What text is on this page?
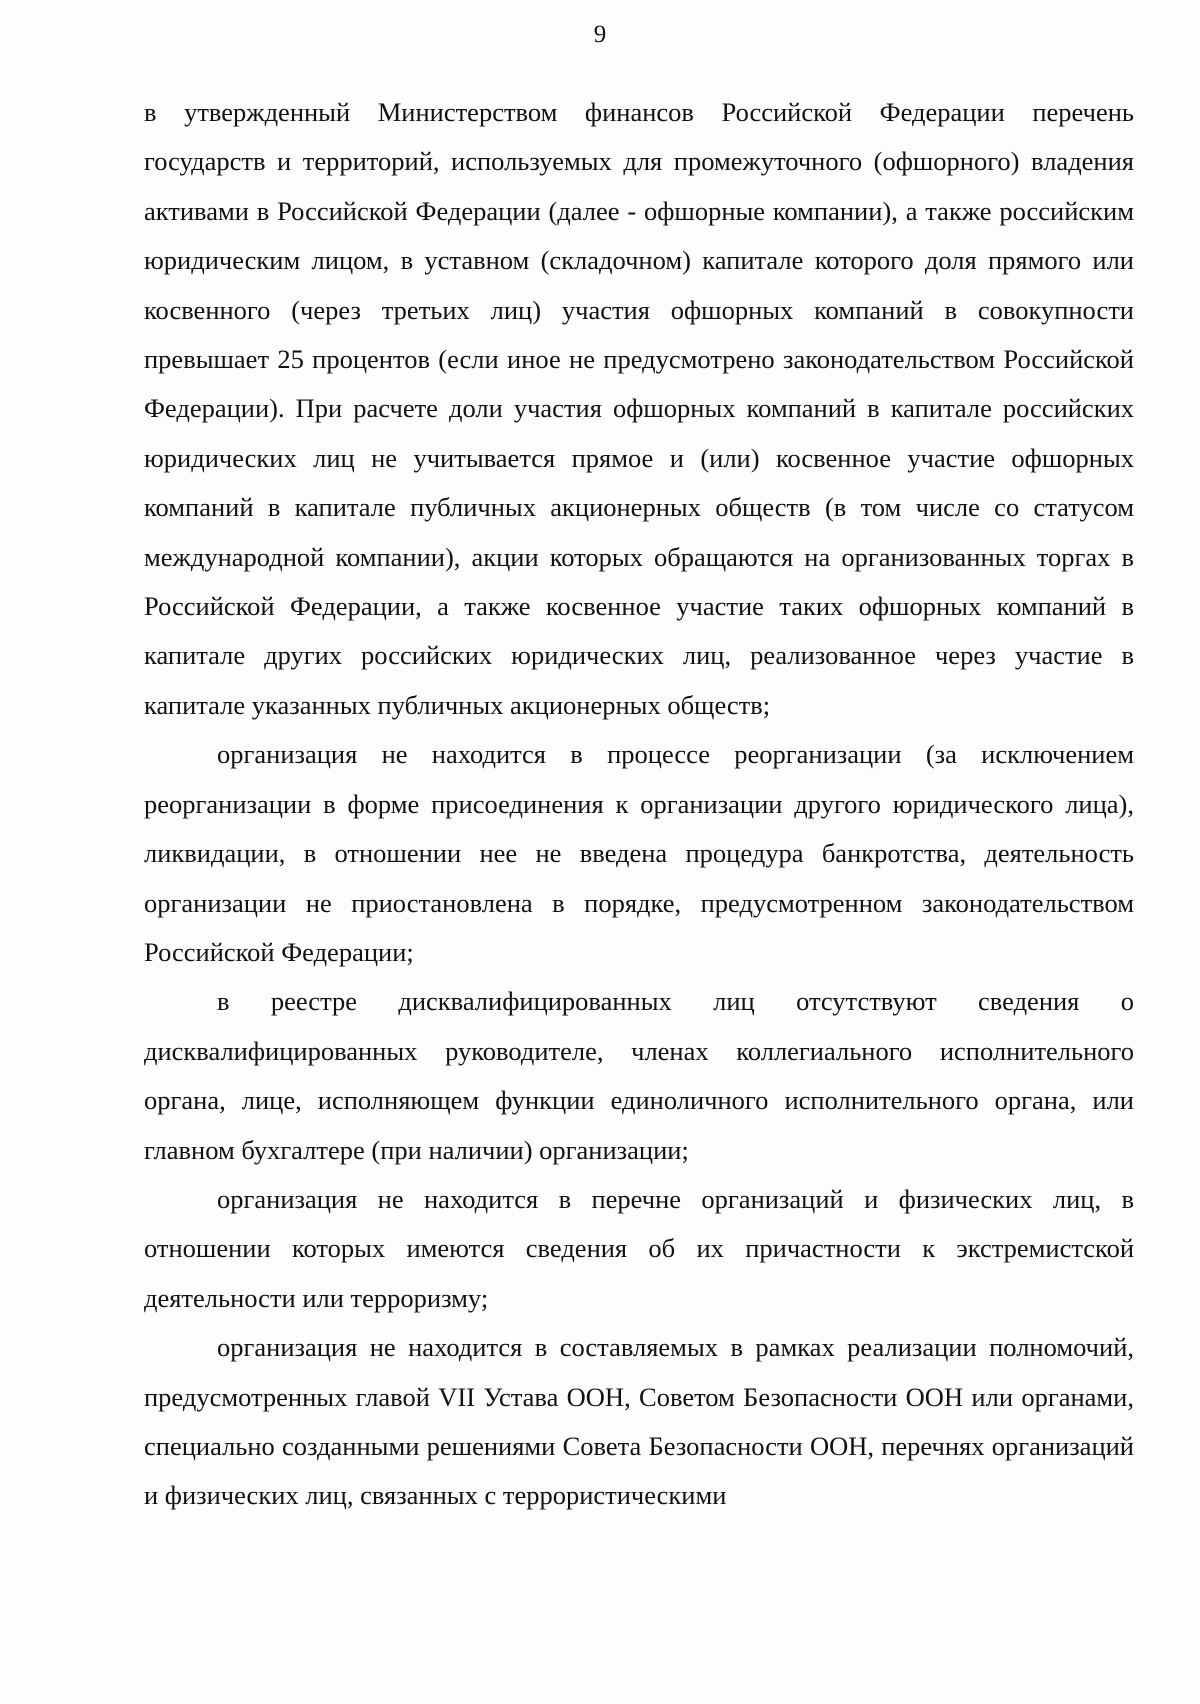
9

в утвержденный Министерством финансов Российской Федерации перечень государств и территорий, используемых для промежуточного (офшорного) владения активами в Российской Федерации (далее - офшорные компании), а также российским юридическим лицом, в уставном (складочном) капитале которого доля прямого или косвенного (через третьих лиц) участия офшорных компаний в совокупности превышает 25 процентов (если иное не предусмотрено законодательством Российской Федерации). При расчете доли участия офшорных компаний в капитале российских юридических лиц не учитывается прямое и (или) косвенное участие офшорных компаний в капитале публичных акционерных обществ (в том числе со статусом международной компании), акции которых обращаются на организованных торгах в Российской Федерации, а также косвенное участие таких офшорных компаний в капитале других российских юридических лиц, реализованное через участие в капитале указанных публичных акционерных обществ;

организация не находится в процессе реорганизации (за исключением реорганизации в форме присоединения к организации другого юридического лица), ликвидации, в отношении нее не введена процедура банкротства, деятельность организации не приостановлена в порядке, предусмотренном законодательством Российской Федерации;

в реестре дисквалифицированных лиц отсутствуют сведения о дисквалифицированных руководителе, членах коллегиального исполнительного органа, лице, исполняющем функции единоличного исполнительного органа, или главном бухгалтере (при наличии) организации;

организация не находится в перечне организаций и физических лиц, в отношении которых имеются сведения об их причастности к экстремистской деятельности или терроризму;

организация не находится в составляемых в рамках реализации полномочий, предусмотренных главой VII Устава ООН, Советом Безопасности ООН или органами, специально созданными решениями Совета Безопасности ООН, перечнях организаций и физических лиц, связанных с террористическими
